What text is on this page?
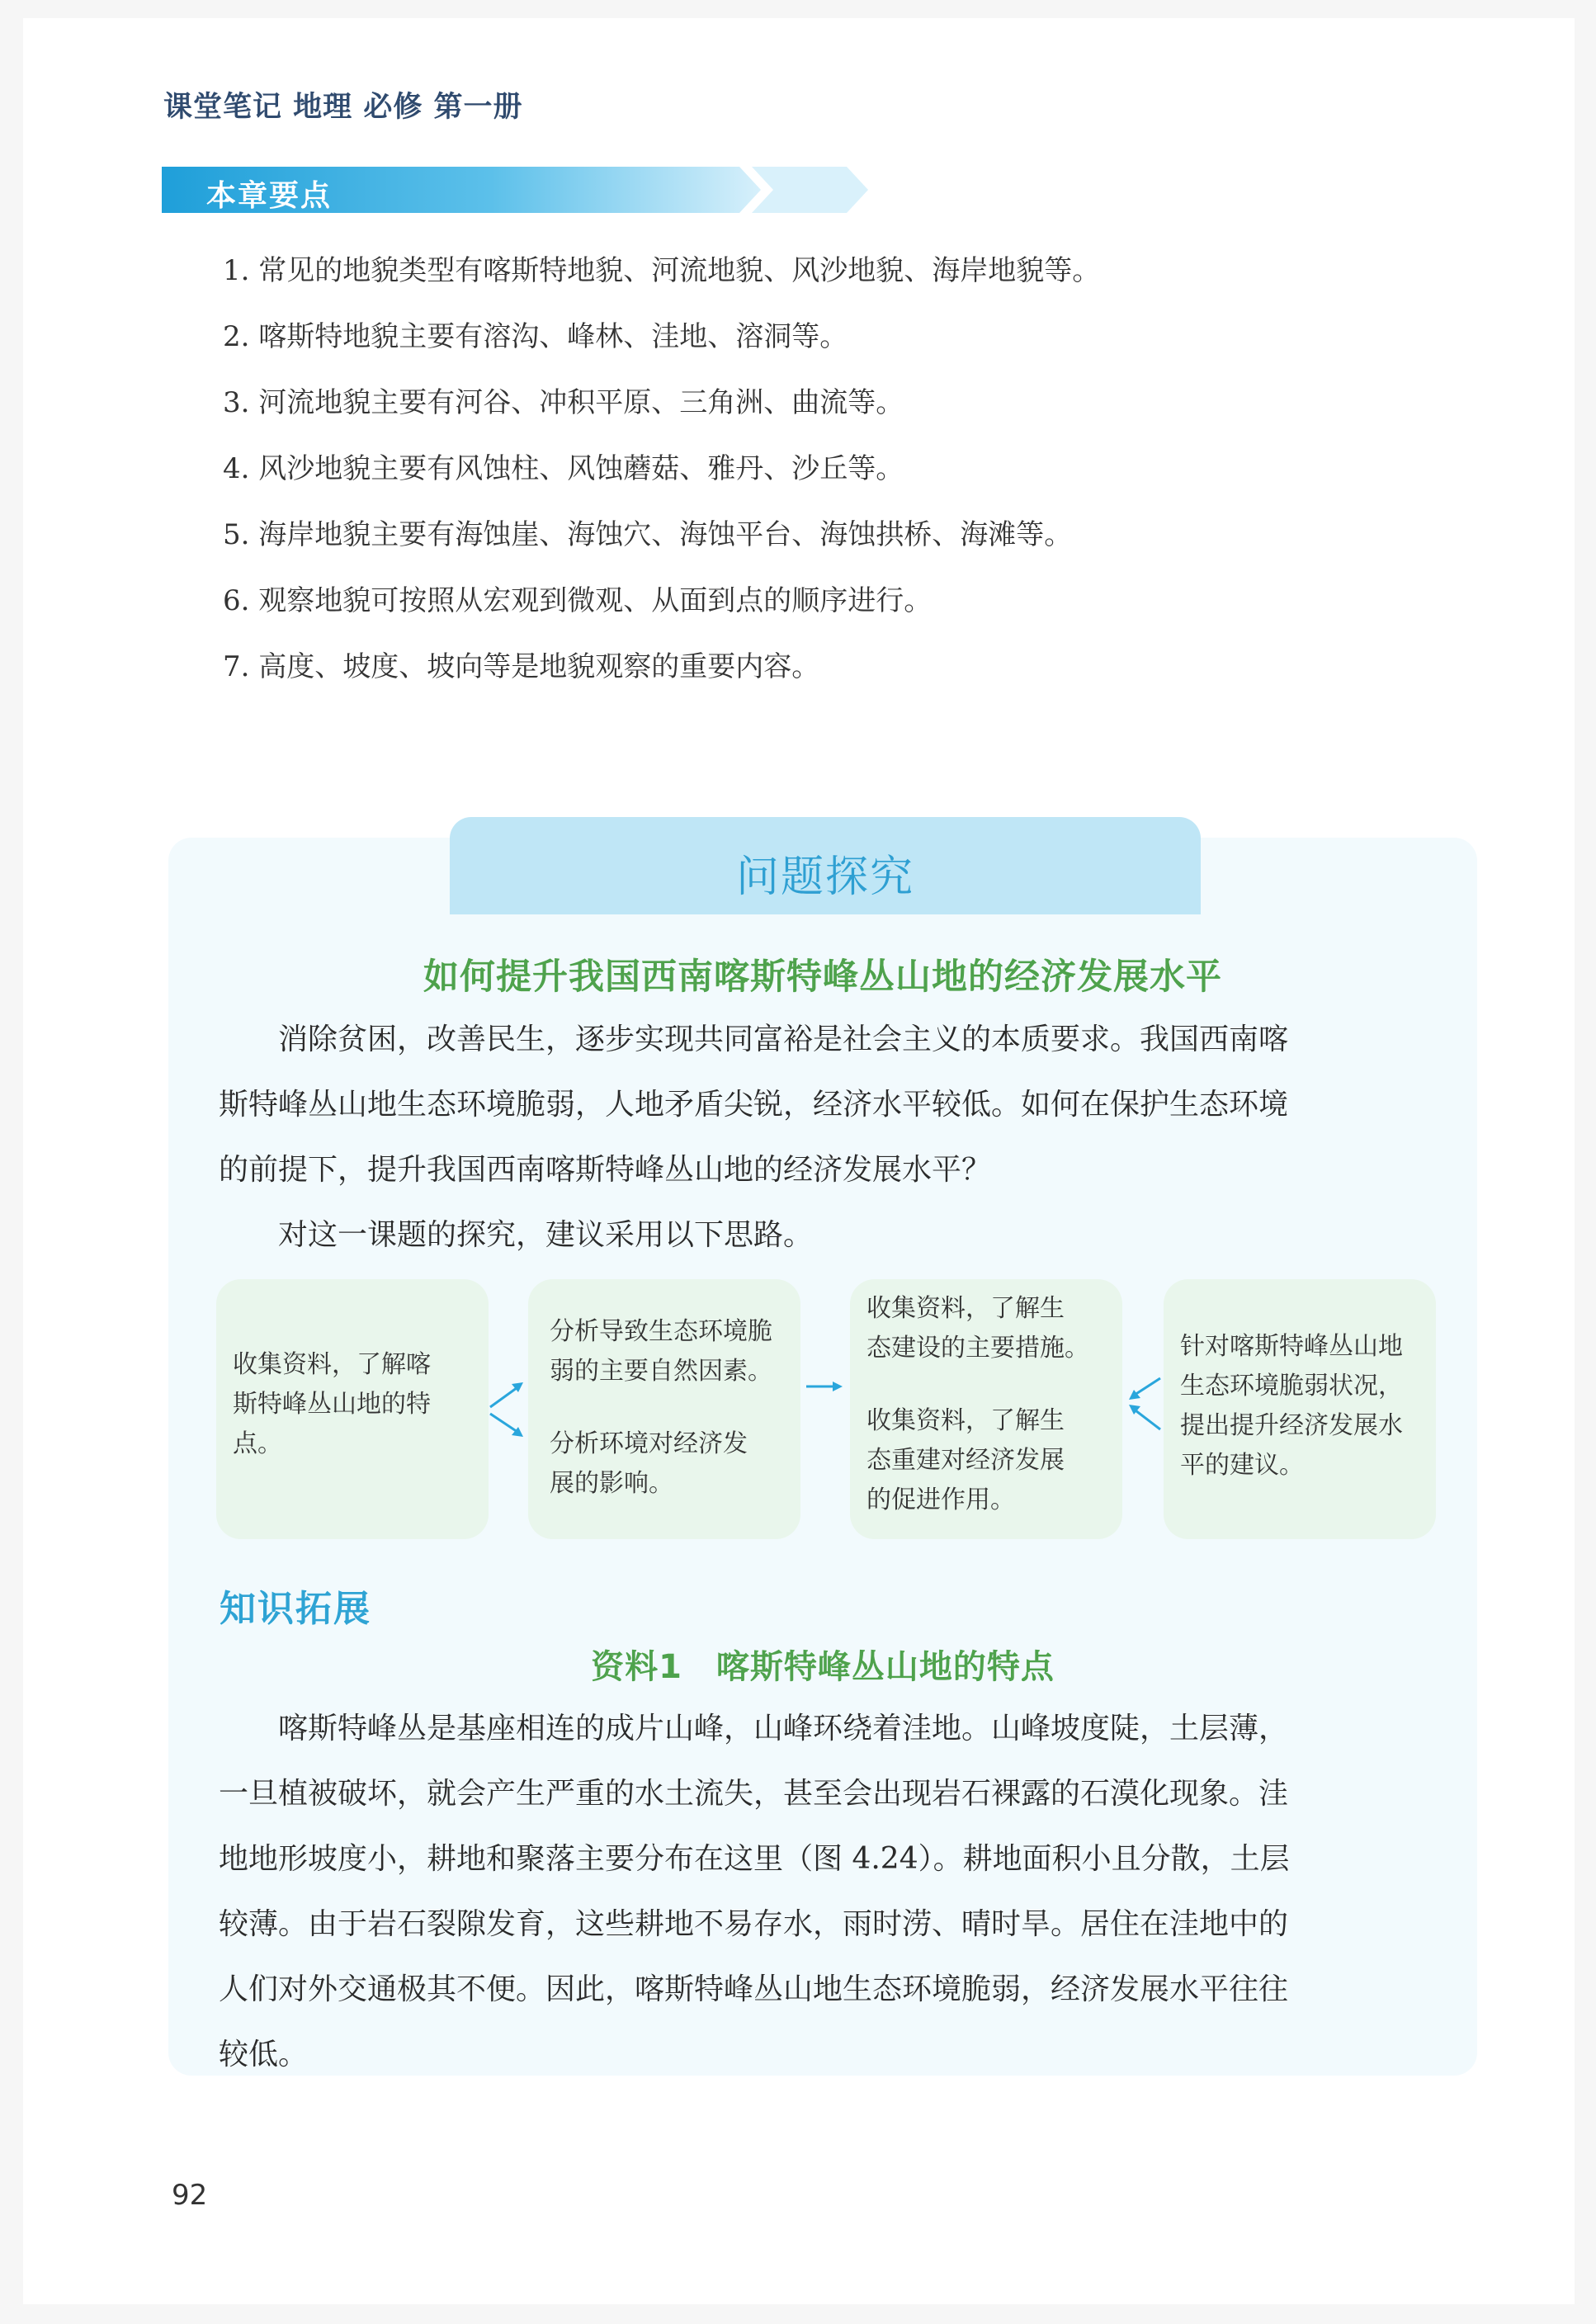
课堂笔记 地理 必修 第一册
本章要点
1. 常见的地貌类型有喀斯特地貌、河流地貌、风沙地貌、海岸地貌等。
2. 喀斯特地貌主要有溶沟、峰林、洼地、溶洞等。
3. 河流地貌主要有河谷、冲积平原、三角洲、曲流等。
4. 风沙地貌主要有风蚀柱、风蚀蘑菇、雅丹、沙丘等。
5. 海岸地貌主要有海蚀崖、海蚀穴、海蚀平台、海蚀拱桥、海滩等。
6. 观察地貌可按照从宏观到微观、从面到点的顺序进行。
7. 高度、坡度、坡向等是地貌观察的重要内容。
问题探究
如何提升我国西南喀斯特峰丛山地的经济发展水平
　　消除贫困，改善民生，逐步实现共同富裕是社会主义的本质要求。我国西南喀
斯特峰丛山地生态环境脆弱，人地矛盾尖锐，经济水平较低。如何在保护生态环境
的前提下，提升我国西南喀斯特峰丛山地的经济发展水平？
　　对这一课题的探究，建议采用以下思路。
收集资料，了解喀
斯特峰丛山地的特
点。
分析导致生态环境脆
弱的主要自然因素。
分析环境对经济发
展的影响。
收集资料，了解生
态建设的主要措施。
收集资料，了解生
态重建对经济发展
的促进作用。
针对喀斯特峰丛山地
生态环境脆弱状况，
提出提升经济发展水
平的建议。
知识拓展
资料1　喀斯特峰丛山地的特点
　　喀斯特峰丛是基座相连的成片山峰，山峰环绕着洼地。山峰坡度陡，土层薄，
一旦植被破坏，就会产生严重的水土流失，甚至会出现岩石裸露的石漠化现象。洼
地地形坡度小，耕地和聚落主要分布在这里（图 4.24）。耕地面积小且分散，土层
较薄。由于岩石裂隙发育，这些耕地不易存水，雨时涝、晴时旱。居住在洼地中的
人们对外交通极其不便。因此，喀斯特峰丛山地生态环境脆弱，经济发展水平往往
较低。
92
